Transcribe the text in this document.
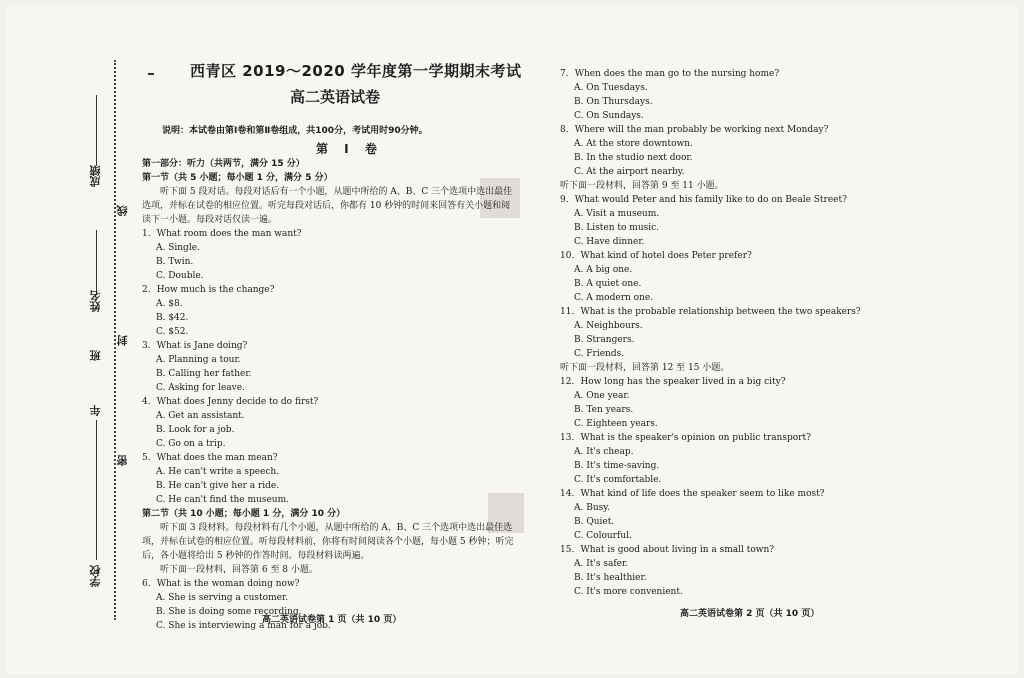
成绩
线
姓名
班
封
年
密
学校
西青区 2019～2020 学年度第一学期期末考试
高二英语试卷
说明：本试卷由第Ⅰ卷和第Ⅱ卷组成，共100分，考试用时90分钟。
第 Ⅰ 卷
第一部分：听力（共两节，满分 15 分）
第一节（共 5 小题；每小题 1 分，满分 5 分）
　　听下面 5 段对话。每段对话后有一个小题，从题中所给的 A、B、C 三个选项中选出最佳
选项，并标在试卷的相应位置。听完每段对话后，你都有 10 秒钟的时间来回答有关小题和阅
读下一小题。每段对话仅读一遍。
1．What room does the man want?
A. Single.
B. Twin.
C. Double.
2．How much is the change?
A. $8.
B. $42.
C. $52.
3．What is Jane doing?
A. Planning a tour.
B. Calling her father.
C. Asking for leave.
4．What does Jenny decide to do first?
A. Get an assistant.
B. Look for a job.
C. Go on a trip.
5．What does the man mean?
A. He can't write a speech.
B. He can't give her a ride.
C. He can't find the museum.
第二节（共 10 小题；每小题 1 分，满分 10 分）
　　听下面 3 段材料。每段材料有几个小题，从题中所给的 A、B、C 三个选项中选出最佳选
项，并标在试卷的相应位置。听每段材料前，你将有时间阅读各个小题，每小题 5 秒钟；听完
后，各小题将给出 5 秒钟的作答时间。每段材料读两遍。
　　听下面一段材料，回答第 6 至 8 小题。
6．What is the woman doing now?
A. She is serving a customer.
B. She is doing some recording.
C. She is interviewing a man for a job.
7．When does the man go to the nursing home?
A. On Tuesdays.
B. On Thursdays.
C. On Sundays.
8．Where will the man probably be working next Monday?
A. At the store downtown.
B. In the studio next door.
C. At the airport nearby.
听下面一段材料，回答第 9 至 11 小题。
9．What would Peter and his family like to do on Beale Street?
A. Visit a museum.
B. Listen to music.
C. Have dinner.
10．What kind of hotel does Peter prefer?
A. A big one.
B. A quiet one.
C. A modern one.
11．What is the probable relationship between the two speakers?
A. Neighbours.
B. Strangers.
C. Friends.
听下面一段材料，回答第 12 至 15 小题。
12．How long has the speaker lived in a big city?
A. One year.
B. Ten years.
C. Eighteen years.
13．What is the speaker's opinion on public transport?
A. It's cheap.
B. It's time-saving.
C. It's comfortable.
14．What kind of life does the speaker seem to like most?
A. Busy.
B. Quiet.
C. Colourful.
15．What is good about living in a small town?
A. It's safer.
B. It's healthier.
C. It's more convenient.
高二英语试卷第 1 页（共 10 页）
高二英语试卷第 2 页（共 10 页）
